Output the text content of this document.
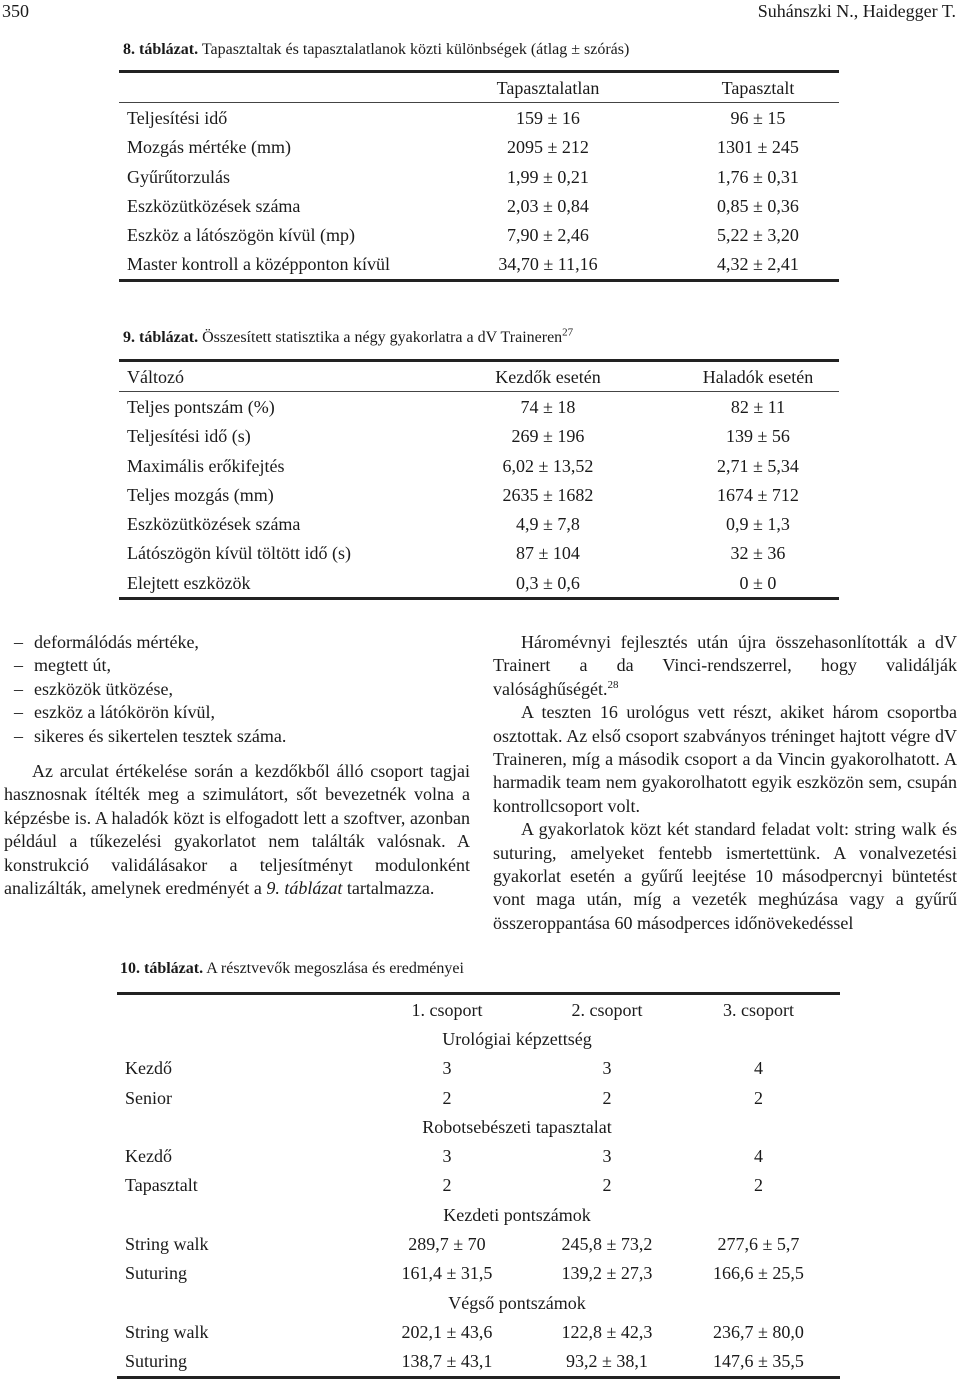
350	Suhánszki N., Haidegger T.
8. táblázat. Tapasztaltak és tapasztalatlanok közti különbségek (átlag ± szórás)
	Tapasztalatlan	Tapasztalt
Teljesítési idő	159 ± 16	96 ± 15
Mozgás mértéke (mm)	2095 ± 212	1301 ± 245
Gyűrűtorzulás	1,99 ± 0,21	1,76 ± 0,31
Eszközütközések száma	2,03 ± 0,84	0,85 ± 0,36
Eszköz a látószögön kívül (mp)	7,90 ± 2,46	5,22 ± 3,20
Master kontroll a középponton kívül	34,70 ± 11,16	4,32 ± 2,41
9. táblázat. Összesített statisztika a négy gyakorlatra a dV Traineren$^{27}$
Változó	Kezdők esetén	Haladók esetén
Teljes pontszám (%)	74 ± 18	82 ± 11
Teljesítési idő (s)	269 ± 196	139 ± 56
Maximális erőkifejtés	6,02 ± 13,52	2,71 ± 5,34
Teljes mozgás (mm)	2635 ± 1682	1674 ± 712
Eszközütközések száma	4,9 ± 7,8	0,9 ± 1,3
Látószögön kívül töltött idő (s)	87 ± 104	32 ± 36
Elejtett eszközök	0,3 ± 0,6	0 ± 0
– deformálódás mértéke,
– megtett út,
– eszközök ütközése,
– eszköz a látókörön kívül,
– sikeres és sikertelen tesztek száma.

Az arculat értékelése során a kezdőkből álló csoport tagjai hasznosnak ítélték meg a szimulátort, sőt bevezetnék volna a képzésbe is. A haladók közt is elfogadott lett a szoftver, azonban például a tűkezelési gyakorlatot nem találták valósnak. A konstrukció validálásakor a teljesítményt modulonként analizálták, amelynek eredményét a 9. táblázat tartalmazza.

Háromévnyi fejlesztés után újra összehasonlították a dV Trainert a da Vinci-rendszerrel, hogy validálják valósághűségét.$^{28}$

A teszten 16 urológus vett részt, akiket három csoportba osztottak. Az első csoport szabványos tréninget hajtott végre dV Traineren, míg a második csoport a da Vincin gyakorolhatott. A harmadik team nem gyakorolhatott egyik eszközön sem, csupán kontrollcsoport volt.

A gyakorlatok közt két standard feladat volt: string walk és suturing, amelyeket fentebb ismertettünk. A vonalvezetési gyakorlat esetén a gyűrű leejtése 10 másodpercnyi büntetést vont maga után, míg a vezeték meghúzása vagy a gyűrű összeroppantása 60 másodperces időnövekedéssel

10. táblázat. A résztvevők megoszlása és eredményei
	1. csoport	2. csoport	3. csoport
	Urológiai képzettség		
Kezdő	3	3	4
Senior	2	2	2
	Robotsebészeti tapasztalat		
Kezdő	3	3	4
Tapasztalt	2	2	2
	Kezdeti pontszámok		
String walk	289,7 ± 70	245,8 ± 73,2	277,6 ± 5,7
Suturing	161,4 ± 31,5	139,2 ± 27,3	166,6 ± 25,5
	Végső pontszámok		
String walk	202,1 ± 43,6	122,8 ± 42,3	236,7 ± 80,0
Suturing	138,7 ± 43,1	93,2 ± 38,1	147,6 ± 35,5
